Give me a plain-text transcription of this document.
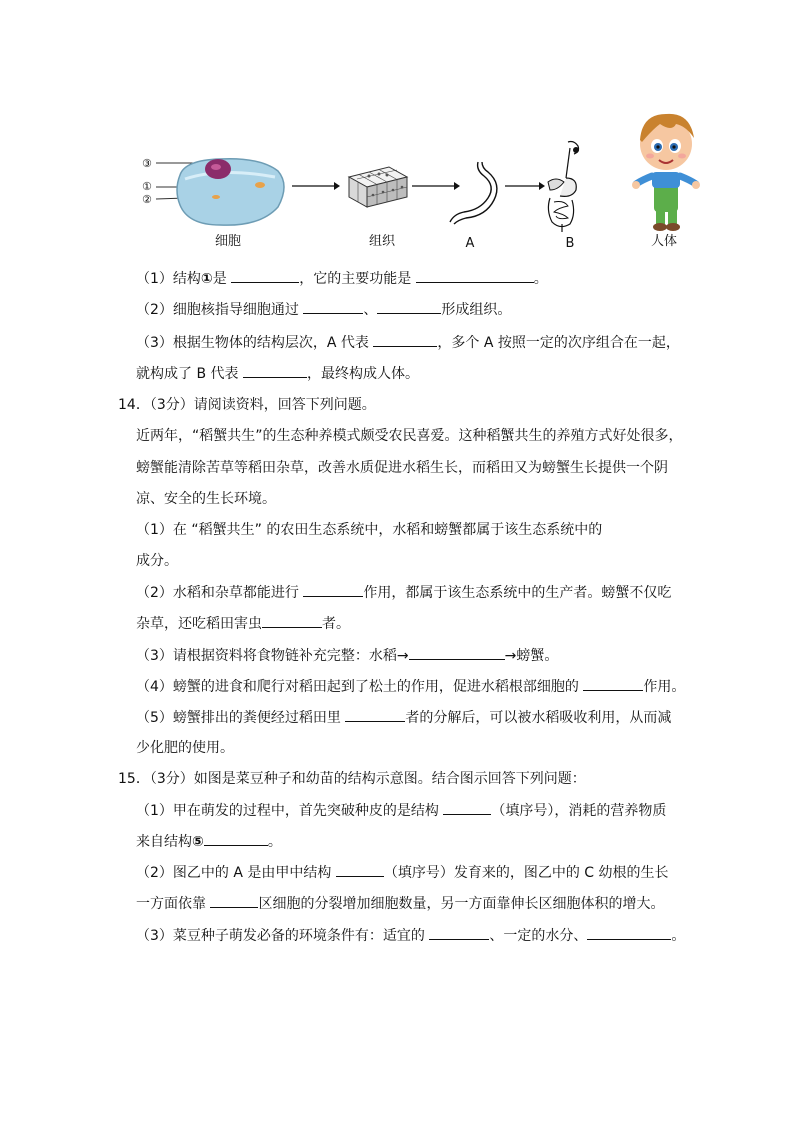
③
①
②
细胞	组织	A	B	人体
（1）结构①是	，它的主要功能是	。
（2）细胞核指导细胞通过	、	形成组织。
（3）根据生物体的结构层次，A 代表	，多个 A 按照一定的次序组合在一起，
就构成了 B 代表	，最终构成人体。
14．（3分）请阅读资料，回答下列问题。
近两年，“稻蟹共生”的生态种养模式颇受农民喜爱。这种稻蟹共生的养殖方式好处很多，
螃蟹能清除苦草等稻田杂草，改善水质促进水稻生长，而稻田又为螃蟹生长提供一个阴
凉、安全的生长环境。
（1）在 “稻蟹共生” 的农田生态系统中，水稻和螃蟹都属于该生态系统中的
成分。
（2）水稻和杂草都能进行	作用，都属于该生态系统中的生产者。螃蟹不仅吃
杂草，还吃稻田害虫	者。
（3）请根据资料将食物链补充完整：水稻→	→螃蟹。
（4）螃蟹的进食和爬行对稻田起到了松土的作用，促进水稻根部细胞的	作用。
（5）螃蟹排出的粪便经过稻田里	者的分解后，可以被水稻吸收利用，从而减
少化肥的使用。
15．（3分）如图是菜豆种子和幼苗的结构示意图。结合图示回答下列问题：
（1）甲在萌发的过程中，首先突破种皮的是结构	（填序号），消耗的营养物质
来自结构⑤	。
（2）图乙中的 A 是由甲中结构	（填序号）发育来的，图乙中的 C 幼根的生长
一方面依靠	区细胞的分裂增加细胞数量，另一方面靠伸长区细胞体积的增大。
（3）菜豆种子萌发必备的环境条件有：适宜的	、一定的水分、	。
